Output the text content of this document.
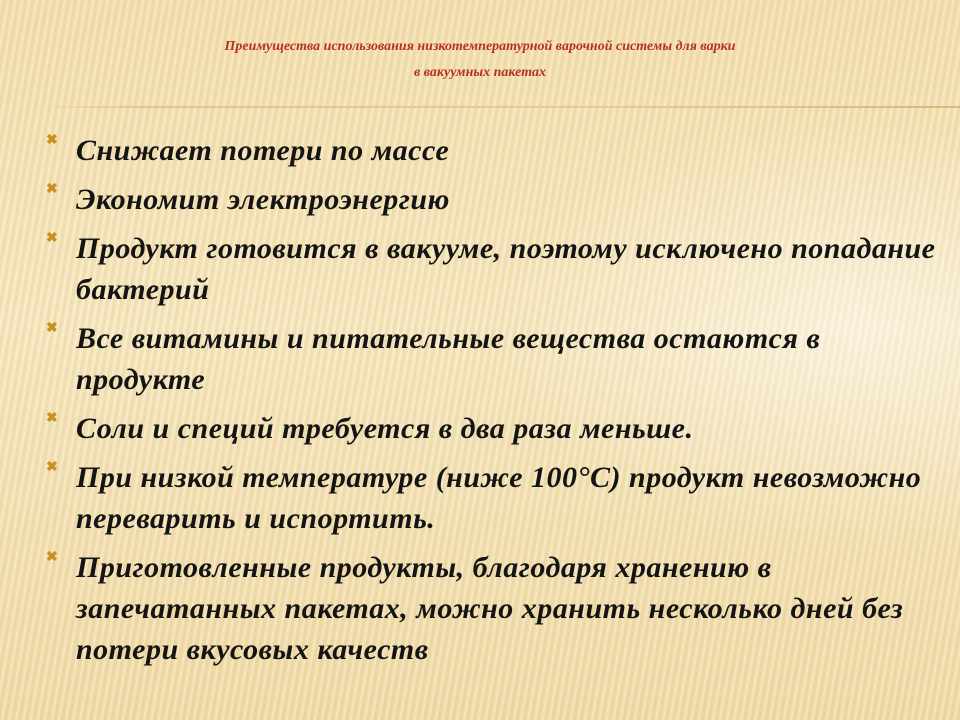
Преимущества использования низкотемпературной варочной системы для варки
в вакуумных пакетах
✖ Снижает потери по массе
✖ Экономит электроэнергию
✖ Продукт готовится в вакууме, поэтому исключено попадание бактерий
✖ Все витамины и питательные вещества остаются в продукте
✖ Соли и специй требуется в два раза меньше.
✖ При низкой температуре (ниже 100°С) продукт невозможно переварить и испортить.
✖ Приготовленные продукты, благодаря хранению в запечатанных пакетах, можно хранить несколько дней без потери вкусовых качеств
